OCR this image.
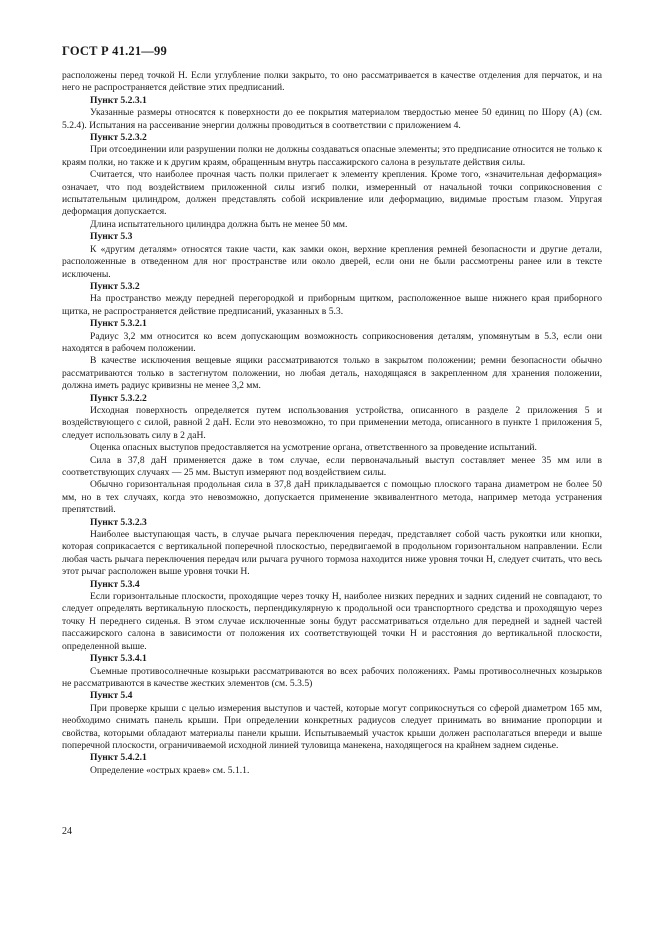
ГОСТ Р 41.21—99

расположены перед точкой H. Если углубление полки закрыто, то оно рассматривается в качестве отделения для перчаток, и на него не распространяется действие этих предписаний.

Пункт 5.2.3.1

Указанные размеры относятся к поверхности до ее покрытия материалом твердостью менее 50 единиц по Шору (А) (см. 5.2.4). Испытания на рассеивание энергии должны проводиться в соответствии с приложением 4.

Пункт 5.2.3.2

При отсоединении или разрушении полки не должны создаваться опасные элементы; это предписание относится не только к краям полки, но также и к другим краям, обращенным внутрь пассажирского салона в результате действия силы.

Считается, что наиболее прочная часть полки прилегает к элементу крепления. Кроме того, «значительная деформация» означает, что под воздействием приложенной силы изгиб полки, измеренный от начальной точки соприкосновения с испытательным цилиндром, должен представлять собой искривление или деформацию, видимые простым глазом. Упругая деформация допускается.

Длина испытательного цилиндра должна быть не менее 50 мм.

Пункт 5.3

К «другим деталям» относятся такие части, как замки окон, верхние крепления ремней безопасности и другие детали, расположенные в отведенном для ног пространстве или около дверей, если они не были рассмотрены ранее или в тексте исключены.

Пункт 5.3.2

На пространство между передней перегородкой и приборным щитком, расположенное выше нижнего края приборного щитка, не распространяется действие предписаний, указанных в 5.3.

Пункт 5.3.2.1

Радиус 3,2 мм относится ко всем допускающим возможность соприкосновения деталям, упомянутым в 5.3, если они находятся в рабочем положении.

В качестве исключения вещевые ящики рассматриваются только в закрытом положении; ремни безопасности обычно рассматриваются только в застегнутом положении, но любая деталь, находящаяся в закрепленном для хранения положении, должна иметь радиус кривизны не менее 3,2 мм.

Пункт 5.3.2.2

Исходная поверхность определяется путем использования устройства, описанного в разделе 2 приложения 5 и воздействующего с силой, равной 2 даН. Если это невозможно, то при применении метода, описанного в пункте 1 приложения 5, следует использовать силу в 2 даН.

Оценка опасных выступов предоставляется на усмотрение органа, ответственного за проведение испытаний.

Сила в 37,8 даН применяется даже в том случае, если первоначальный выступ составляет менее 35 мм или в соответствующих случаях — 25 мм. Выступ измеряют под воздействием силы.

Обычно горизонтальная продольная сила в 37,8 даН прикладывается с помощью плоского тарана диаметром не более 50 мм, но в тех случаях, когда это невозможно, допускается применение эквивалентного метода, например метода устранения препятствий.

Пункт 5.3.2.3

Наиболее выступающая часть, в случае рычага переключения передач, представляет собой часть рукоятки или кнопки, которая соприкасается с вертикальной поперечной плоскостью, передвигаемой в продольном горизонтальном направлении. Если любая часть рычага переключения передач или рычага ручного тормоза находится ниже уровня точки H, следует считать, что весь этот рычаг расположен выше уровня точки H.

Пункт 5.3.4

Если горизонтальные плоскости, проходящие через точку H, наиболее низких передних и задних сидений не совпадают, то следует определять вертикальную плоскость, перпендикулярную к продольной оси транспортного средства и проходящую через точку H переднего сиденья. В этом случае исключенные зоны будут рассматриваться отдельно для передней и задней частей пассажирского салона в зависимости от положения их соответствующей точки H и расстояния до вертикальной плоскости, определенной выше.

Пункт 5.3.4.1

Съемные противосолнечные козырьки рассматриваются во всех рабочих положениях. Рамы противосолнечных козырьков не рассматриваются в качестве жестких элементов (см. 5.3.5)

Пункт 5.4

При проверке крыши с целью измерения выступов и частей, которые могут соприкоснуться со сферой диаметром 165 мм, необходимо снимать панель крыши. При определении конкретных радиусов следует принимать во внимание пропорции и свойства, которыми обладают материалы панели крыши. Испытываемый участок крыши должен располагаться впереди и выше поперечной плоскости, ограничиваемой исходной линией туловища манекена, находящегося на крайнем заднем сиденье.

Пункт 5.4.2.1

Определение «острых краев» см. 5.1.1.

24
